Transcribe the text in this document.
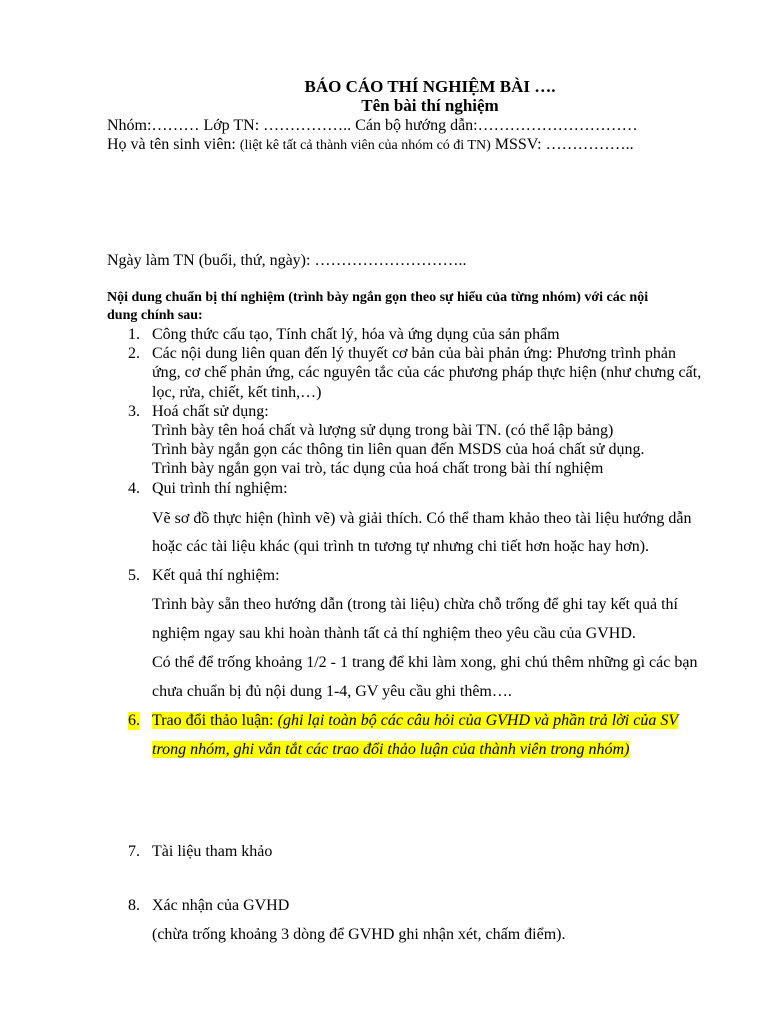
BÁO CÁO THÍ NGHIỆM BÀI ….
Tên bài thí nghiệm
Nhóm:……… Lớp TN: …………….. Cán bộ hướng dẫn:…………………………
Họ và tên sinh viên: (liệt kê tất cả thành viên của nhóm có đi TN) MSSV: ……………..
Ngày làm TN (buổi, thứ, ngày): ………………………..
Nội dung chuẩn bị thí nghiệm (trình bày ngắn gọn theo sự hiểu của từng nhóm) với các nội
dung chính sau:
1. Công thức cấu tạo, Tính chất lý, hóa và ứng dụng của sản phẩm
2. Các nội dung liên quan đến lý thuyết cơ bản của bài phản ứng: Phương trình phản
ứng, cơ chế phản ứng, các nguyên tắc của các phương pháp thực hiện (như chưng cất,
lọc, rửa, chiết, kết tinh,…)
3. Hoá chất sử dụng:
Trình bày tên hoá chất và lượng sử dụng trong bài TN. (có thể lập bảng)
Trình bày ngắn gọn các thông tin liên quan đến MSDS của hoá chất sử dụng.
Trình bày ngắn gọn vai trò, tác dụng của hoá chất trong bài thí nghiệm
4. Qui trình thí nghiệm:
Vẽ sơ đồ thực hiện (hình vẽ) và giải thích. Có thể tham khảo theo tài liệu hướng dẫn
hoặc các tài liệu khác (qui trình tn tương tự nhưng chi tiết hơn hoặc hay hơn).
5. Kết quả thí nghiệm:
Trình bày sẵn theo hướng dẫn (trong tài liệu) chừa chỗ trống để ghi tay kết quả thí
nghiệm ngay sau khi hoàn thành tất cả thí nghiệm theo yêu cầu của GVHD.
Có thể để trống khoảng 1/2 - 1 trang để khi làm xong, ghi chú thêm những gì các bạn
chưa chuẩn bị đủ nội dung 1-4, GV yêu cầu ghi thêm….
6. Trao đổi thảo luận: (ghi lại toàn bộ các câu hỏi của GVHD và phần trả lời của SV
trong nhóm, ghi vắn tắt các trao đổi thảo luận của thành viên trong nhóm)
7. Tài liệu tham khảo
8. Xác nhận của GVHD
(chừa trống khoảng 3 dòng để GVHD ghi nhận xét, chấm điểm).
